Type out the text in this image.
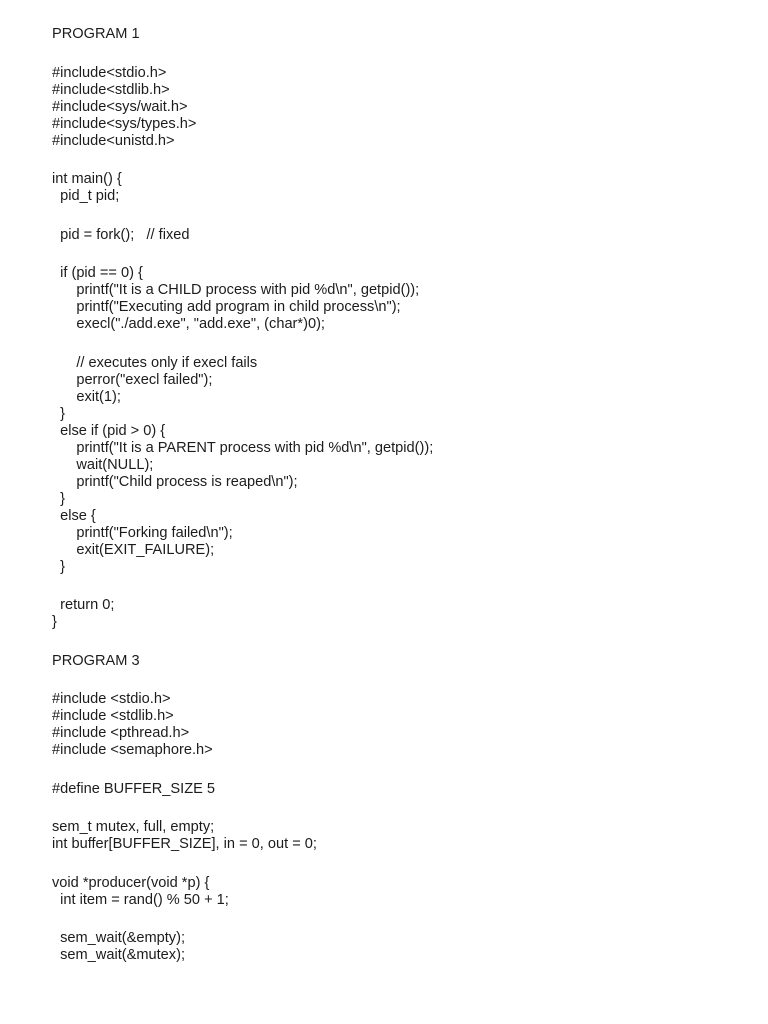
PROGRAM 1
#include<stdio.h>
#include<stdlib.h>
#include<sys/wait.h>
#include<sys/types.h>
#include<unistd.h>
int main() {
pid_t pid;
pid = fork();   // fixed
if (pid == 0) {
printf("It is a CHILD process with pid %d\n", getpid());
printf("Executing add program in child process\n");
execl("./add.exe", "add.exe", (char*)0);
// executes only if execl fails
perror("execl failed");
exit(1);
}
else if (pid > 0) {
printf("It is a PARENT process with pid %d\n", getpid());
wait(NULL);
printf("Child process is reaped\n");
}
else {
printf("Forking failed\n");
exit(EXIT_FAILURE);
}
return 0;
}
PROGRAM 3
#include <stdio.h>
#include <stdlib.h>
#include <pthread.h>
#include <semaphore.h>
#define BUFFER_SIZE 5
sem_t mutex, full, empty;
int buffer[BUFFER_SIZE], in = 0, out = 0;
void *producer(void *p) {
int item = rand() % 50 + 1;
sem_wait(&empty);
sem_wait(&mutex);
